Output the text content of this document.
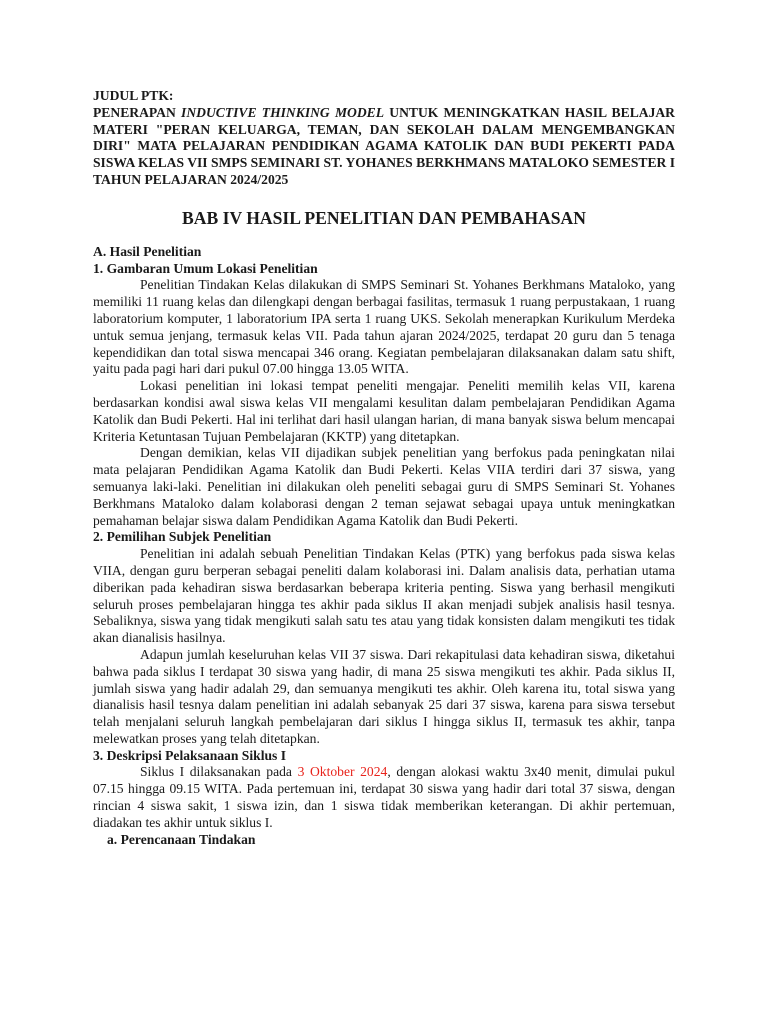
JUDUL PTK:

PENERAPAN INDUCTIVE THINKING MODEL UNTUK MENINGKATKAN HASIL BELAJAR MATERI "PERAN KELUARGA, TEMAN, DAN SEKOLAH DALAM MENGEMBANGKAN DIRI" MATA PELAJARAN PENDIDIKAN AGAMA KATOLIK DAN BUDI PEKERTI PADA SISWA KELAS VII SMPS SEMINARI ST. YOHANES BERKHMANS MATALOKO SEMESTER I TAHUN PELAJARAN 2024/2025

BAB IV HASIL PENELITIAN DAN PEMBAHASAN
A. Hasil Penelitian
1. Gambaran Umum Lokasi Penelitian

Penelitian Tindakan Kelas dilakukan di SMPS Seminari St. Yohanes Berkhmans Mataloko, yang memiliki 11 ruang kelas dan dilengkapi dengan berbagai fasilitas, termasuk 1 ruang perpustakaan, 1 ruang laboratorium komputer, 1 laboratorium IPA serta 1 ruang UKS. Sekolah menerapkan Kurikulum Merdeka untuk semua jenjang, termasuk kelas VII. Pada tahun ajaran 2024/2025, terdapat 20 guru dan 5 tenaga kependidikan dan total siswa mencapai 346 orang. Kegiatan pembelajaran dilaksanakan dalam satu shift, yaitu pada pagi hari dari pukul 07.00 hingga 13.05 WITA.

Lokasi penelitian ini lokasi tempat peneliti mengajar. Peneliti memilih kelas VII, karena berdasarkan kondisi awal siswa kelas VII mengalami kesulitan dalam pembelajaran Pendidikan Agama Katolik dan Budi Pekerti. Hal ini terlihat dari hasil ulangan harian, di mana banyak siswa belum mencapai Kriteria Ketuntasan Tujuan Pembelajaran (KKTP) yang ditetapkan.

Dengan demikian, kelas VII dijadikan subjek penelitian yang berfokus pada peningkatan nilai mata pelajaran Pendidikan Agama Katolik dan Budi Pekerti. Kelas VIIA terdiri dari 37 siswa, yang semuanya laki-laki. Penelitian ini dilakukan oleh peneliti sebagai guru di SMPS Seminari St. Yohanes Berkhmans Mataloko dalam kolaborasi dengan 2 teman sejawat sebagai upaya untuk meningkatkan pemahaman belajar siswa dalam Pendidikan Agama Katolik dan Budi Pekerti.

2. Pemilihan Subjek Penelitian

Penelitian ini adalah sebuah Penelitian Tindakan Kelas (PTK) yang berfokus pada siswa kelas VIIA, dengan guru berperan sebagai peneliti dalam kolaborasi ini. Dalam analisis data, perhatian utama diberikan pada kehadiran siswa berdasarkan beberapa kriteria penting. Siswa yang berhasil mengikuti seluruh proses pembelajaran hingga tes akhir pada siklus II akan menjadi subjek analisis hasil tesnya. Sebaliknya, siswa yang tidak mengikuti salah satu tes atau yang tidak konsisten dalam mengikuti tes tidak akan dianalisis hasilnya.

Adapun jumlah keseluruhan kelas VII 37 siswa. Dari rekapitulasi data kehadiran siswa, diketahui bahwa pada siklus I terdapat 30 siswa yang hadir, di mana 25 siswa mengikuti tes akhir. Pada siklus II, jumlah siswa yang hadir adalah 29, dan semuanya mengikuti tes akhir. Oleh karena itu, total siswa yang dianalisis hasil tesnya dalam penelitian ini adalah sebanyak 25 dari 37 siswa, karena para siswa tersebut telah menjalani seluruh langkah pembelajaran dari siklus I hingga siklus II, termasuk tes akhir, tanpa melewatkan proses yang telah ditetapkan.

3. Deskripsi Pelaksanaan Siklus I

Siklus I dilaksanakan pada 3 Oktober 2024, dengan alokasi waktu 3x40 menit, dimulai pukul 07.15 hingga 09.15 WITA. Pada pertemuan ini, terdapat 30 siswa yang hadir dari total 37 siswa, dengan rincian 4 siswa sakit, 1 siswa izin, dan 1 siswa tidak memberikan keterangan. Di akhir pertemuan, diadakan tes akhir untuk siklus I.

a. Perencanaan Tindakan
